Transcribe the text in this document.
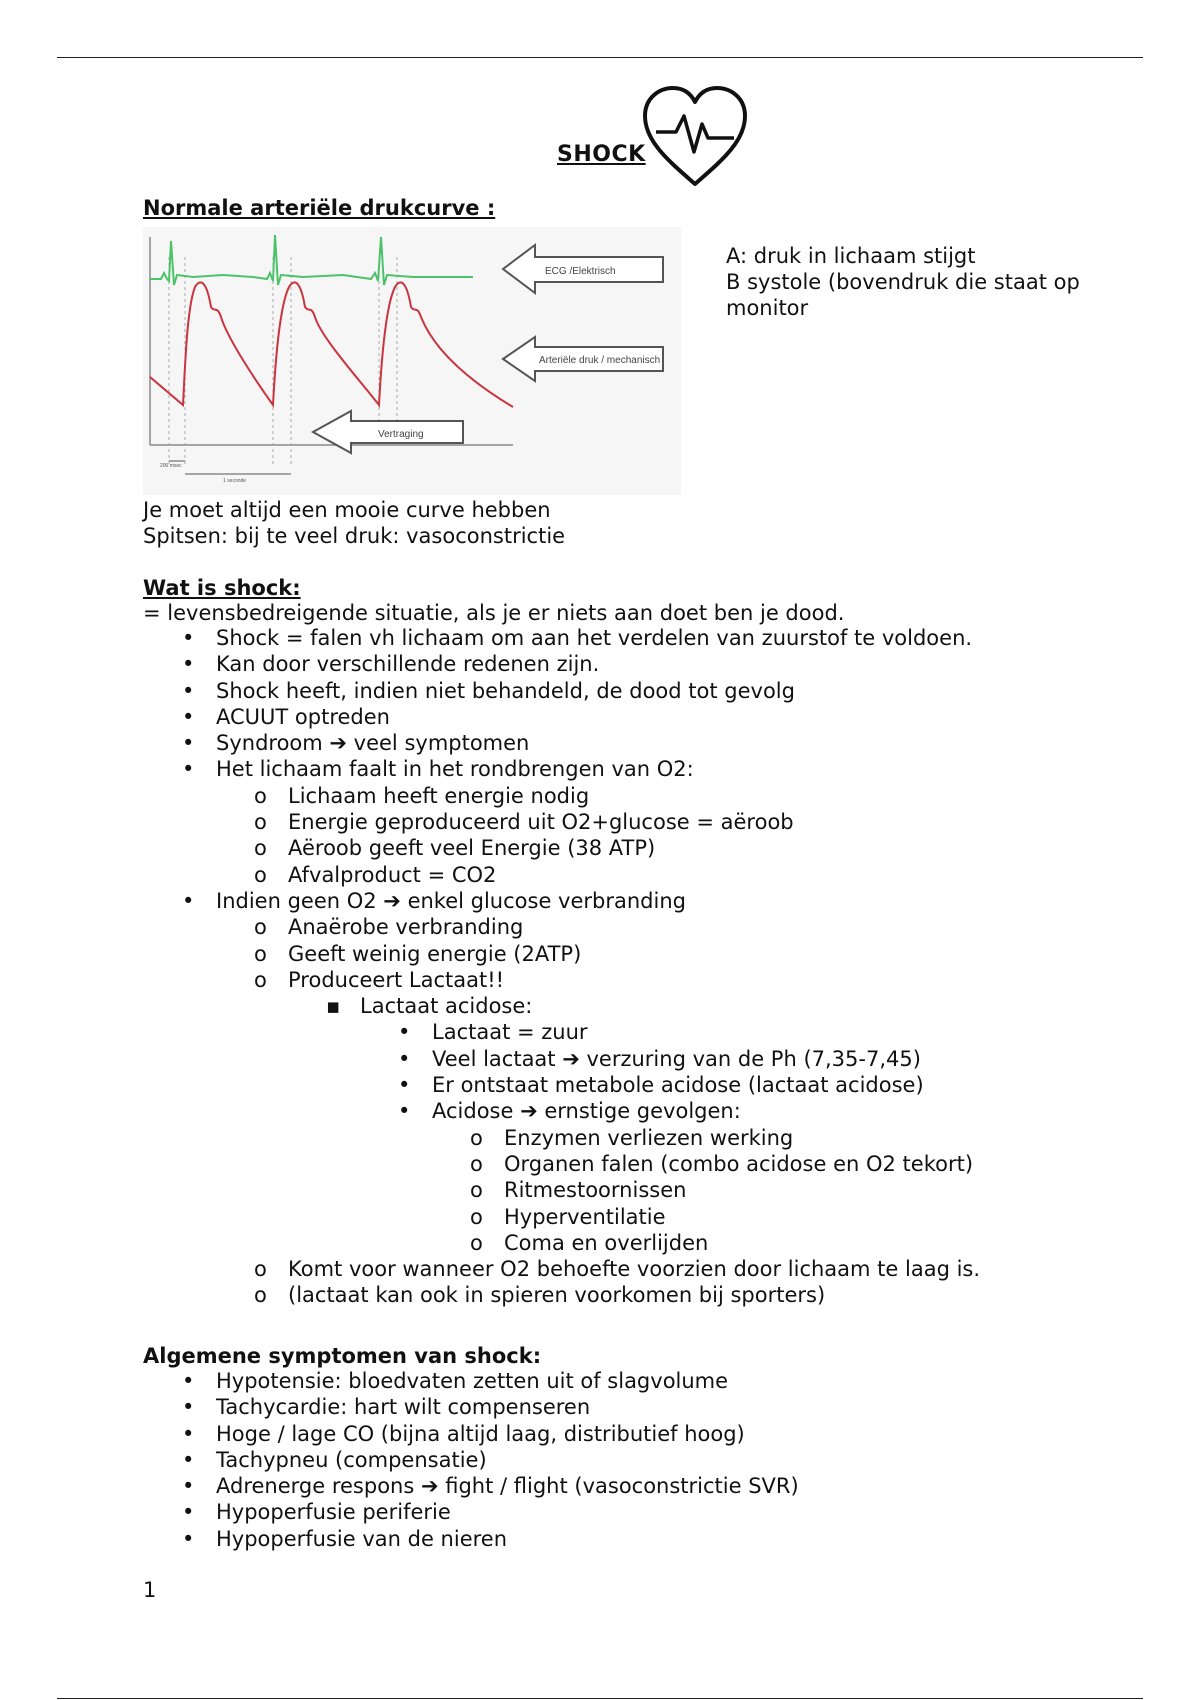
SHOCK
Normale arteriële drukcurve :
ECG /Elektrisch
Arteriële druk / mechanisch
Vertraging
200 msec
1 seconde
A: druk in lichaam stijgt
B systole (bovendruk die staat op
monitor
Je moet altijd een mooie curve hebben
Spitsen: bij te veel druk: vasoconstrictie
Wat is shock:
= levensbedreigende situatie, als je er niets aan doet ben je dood.
•	Shock = falen vh lichaam om aan het verdelen van zuurstof te voldoen.
•	Kan door verschillende redenen zijn.
•	Shock heeft, indien niet behandeld, de dood tot gevolg
•	ACUUT optreden
•	Syndroom ➔ veel symptomen
•	Het lichaam faalt in het rondbrengen van O2:
o	Lichaam heeft energie nodig
o	Energie geproduceerd uit O2+glucose = aëroob
o	Aëroob geeft veel Energie (38 ATP)
o	Afvalproduct = CO2
•	Indien geen O2 ➔ enkel glucose verbranding
o	Anaërobe verbranding
o	Geeft weinig energie (2ATP)
o	Produceert Lactaat!!
▪ Lactaat acidose:
•	Lactaat = zuur
•	Veel lactaat ➔ verzuring van de Ph (7,35-7,45)
•	Er ontstaat metabole acidose (lactaat acidose)
•	Acidose ➔ ernstige gevolgen:
o	Enzymen verliezen werking
o	Organen falen (combo acidose en O2 tekort)
o	Ritmestoornissen
o	Hyperventilatie
o	Coma en overlijden
o	Komt voor wanneer O2 behoefte voorzien door lichaam te laag is.
o	(lactaat kan ook in spieren voorkomen bij sporters)
Algemene symptomen van shock:
•	Hypotensie: bloedvaten zetten uit of slagvolume
•	Tachycardie: hart wilt compenseren
•	Hoge / lage CO (bijna altijd laag, distributief hoog)
•	Tachypneu (compensatie)
•	Adrenerge respons ➔ fight / flight (vasoconstrictie SVR)
•	Hypoperfusie periferie
•	Hypoperfusie van de nieren
1
